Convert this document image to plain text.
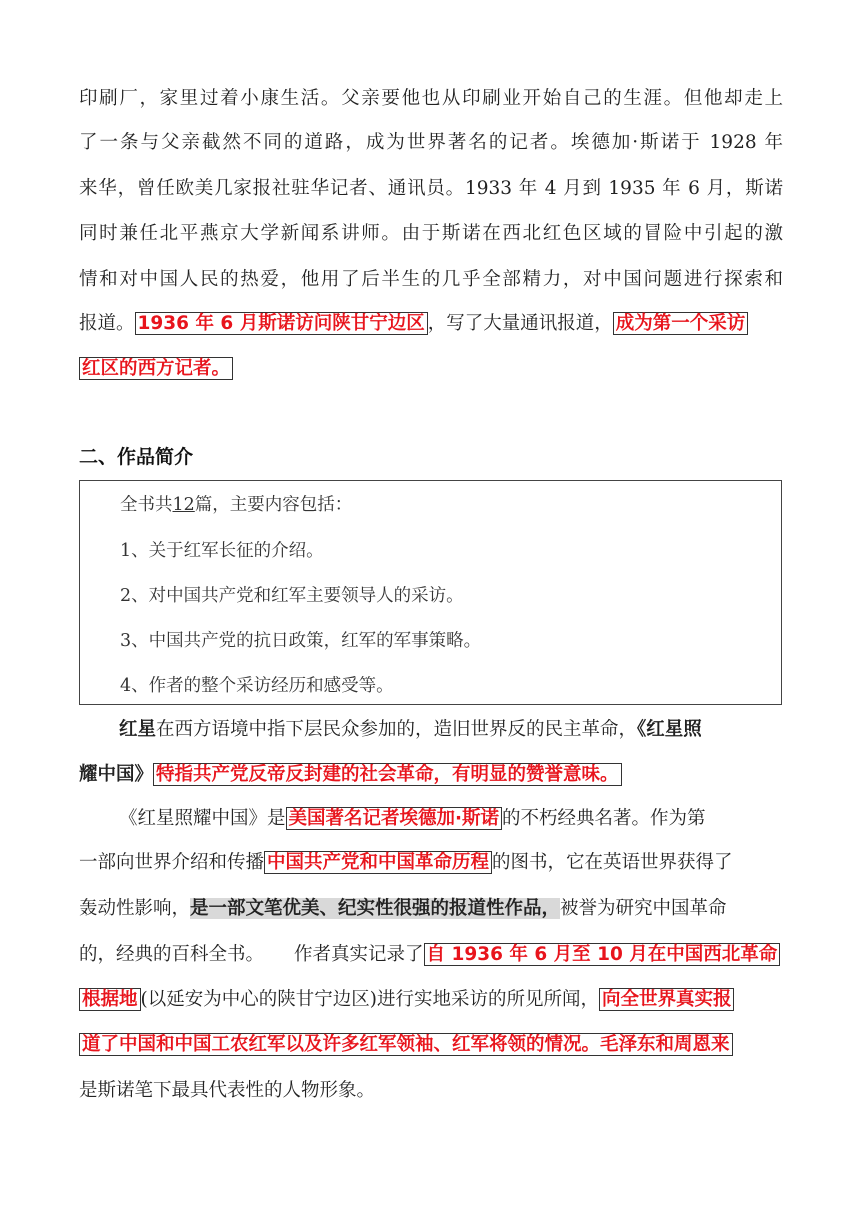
印刷厂，家里过着小康生活。父亲要他也从印刷业开始自己的生涯。但他却走上
了一条与父亲截然不同的道路，成为世界著名的记者。埃德加·斯诺于 1928 年
来华，曾任欧美几家报社驻华记者、通讯员。1933 年 4 月到 1935 年 6 月，斯诺
同时兼任北平燕京大学新闻系讲师。由于斯诺在西北红色区域的冒险中引起的激
情和对中国人民的热爱，他用了后半生的几乎全部精力，对中国问题进行探索和
报道。 1936 年 6 月斯诺访问陕甘宁边区 ，写了大量通讯报道， 成为第一个采访
红区的西方记者。
二、作品简介
全书共12篇，主要内容包括：
1、关于红军长征的介绍。
2、对中国共产党和红军主要领导人的采访。
3、中国共产党的抗日政策，红军的军事策略。
4、作者的整个采访经历和感受等。
红星在西方语境中指下层民众参加的，造旧世界反的民主革命，《红星照
耀中国》 特指共产党反帝反封建的社会革命，有明显的赞誉意味。
《红星照耀中国》是 美国著名记者埃德加·斯诺 的不朽经典名著。作为第
一部向世界介绍和传播 中国共产党和中国革命历程 的图书，它在英语世界获得了
轰动性影响，是一部文笔优美、纪实性很强的报道性作品，被誉为研究中国革命
的，经典的百科全书。 作者真实记录了 自 1936 年 6 月至 10 月在中国西北革命
根据地 (以延安为中心的陕甘宁边区)进行实地采访的所见所闻， 向全世界真实报
道了中国和中国工农红军以及许多红军领袖、红军将领的情况。毛泽东和周恩来
是斯诺笔下最具代表性的人物形象。
